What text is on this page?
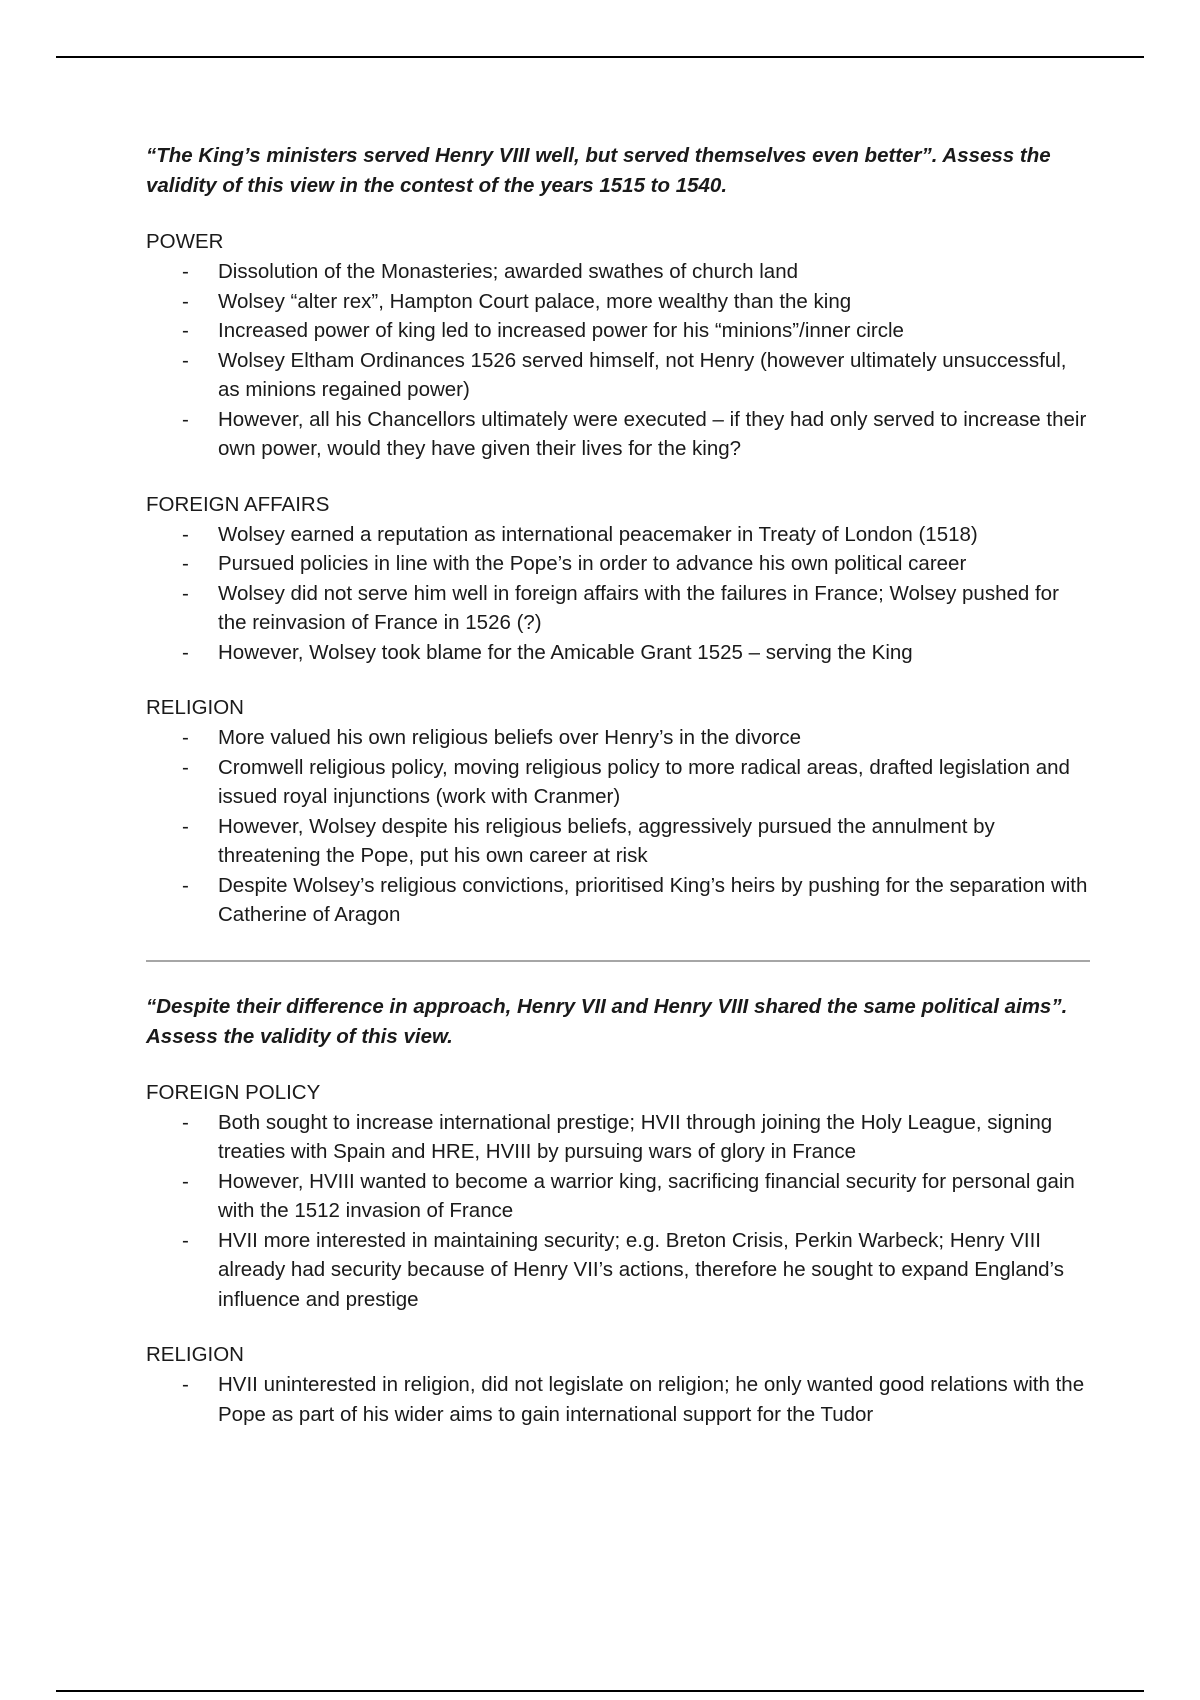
“The King’s ministers served Henry VIII well, but served themselves even better”. Assess the validity of this view in the contest of the years 1515 to 1540.

POWER

- Dissolution of the Monasteries; awarded swathes of church land
- Wolsey “alter rex”, Hampton Court palace, more wealthy than the king
- Increased power of king led to increased power for his “minions”/inner circle
- Wolsey Eltham Ordinances 1526 served himself, not Henry (however ultimately unsuccessful, as minions regained power)
- However, all his Chancellors ultimately were executed – if they had only served to increase their own power, would they have given their lives for the king?

FOREIGN AFFAIRS

- Wolsey earned a reputation as international peacemaker in Treaty of London (1518)
- Pursued policies in line with the Pope’s in order to advance his own political career
- Wolsey did not serve him well in foreign affairs with the failures in France; Wolsey pushed for the reinvasion of France in 1526 (?)
- However, Wolsey took blame for the Amicable Grant 1525 – serving the King

RELIGION

- More valued his own religious beliefs over Henry’s in the divorce
- Cromwell religious policy, moving religious policy to more radical areas, drafted legislation and issued royal injunctions (work with Cranmer)
- However, Wolsey despite his religious beliefs, aggressively pursued the annulment by threatening the Pope, put his own career at risk
- Despite Wolsey’s religious convictions, prioritised King’s heirs by pushing for the separation with Catherine of Aragon

“Despite their difference in approach, Henry VII and Henry VIII shared the same political aims”. Assess the validity of this view.

FOREIGN POLICY

- Both sought to increase international prestige; HVII through joining the Holy League, signing treaties with Spain and HRE, HVIII by pursuing wars of glory in France
- However, HVIII wanted to become a warrior king, sacrificing financial security for personal gain with the 1512 invasion of France
- HVII more interested in maintaining security; e.g. Breton Crisis, Perkin Warbeck; Henry VIII already had security because of Henry VII’s actions, therefore he sought to expand England’s influence and prestige

RELIGION

- HVII uninterested in religion, did not legislate on religion; he only wanted good relations with the Pope as part of his wider aims to gain international support for the Tudor
